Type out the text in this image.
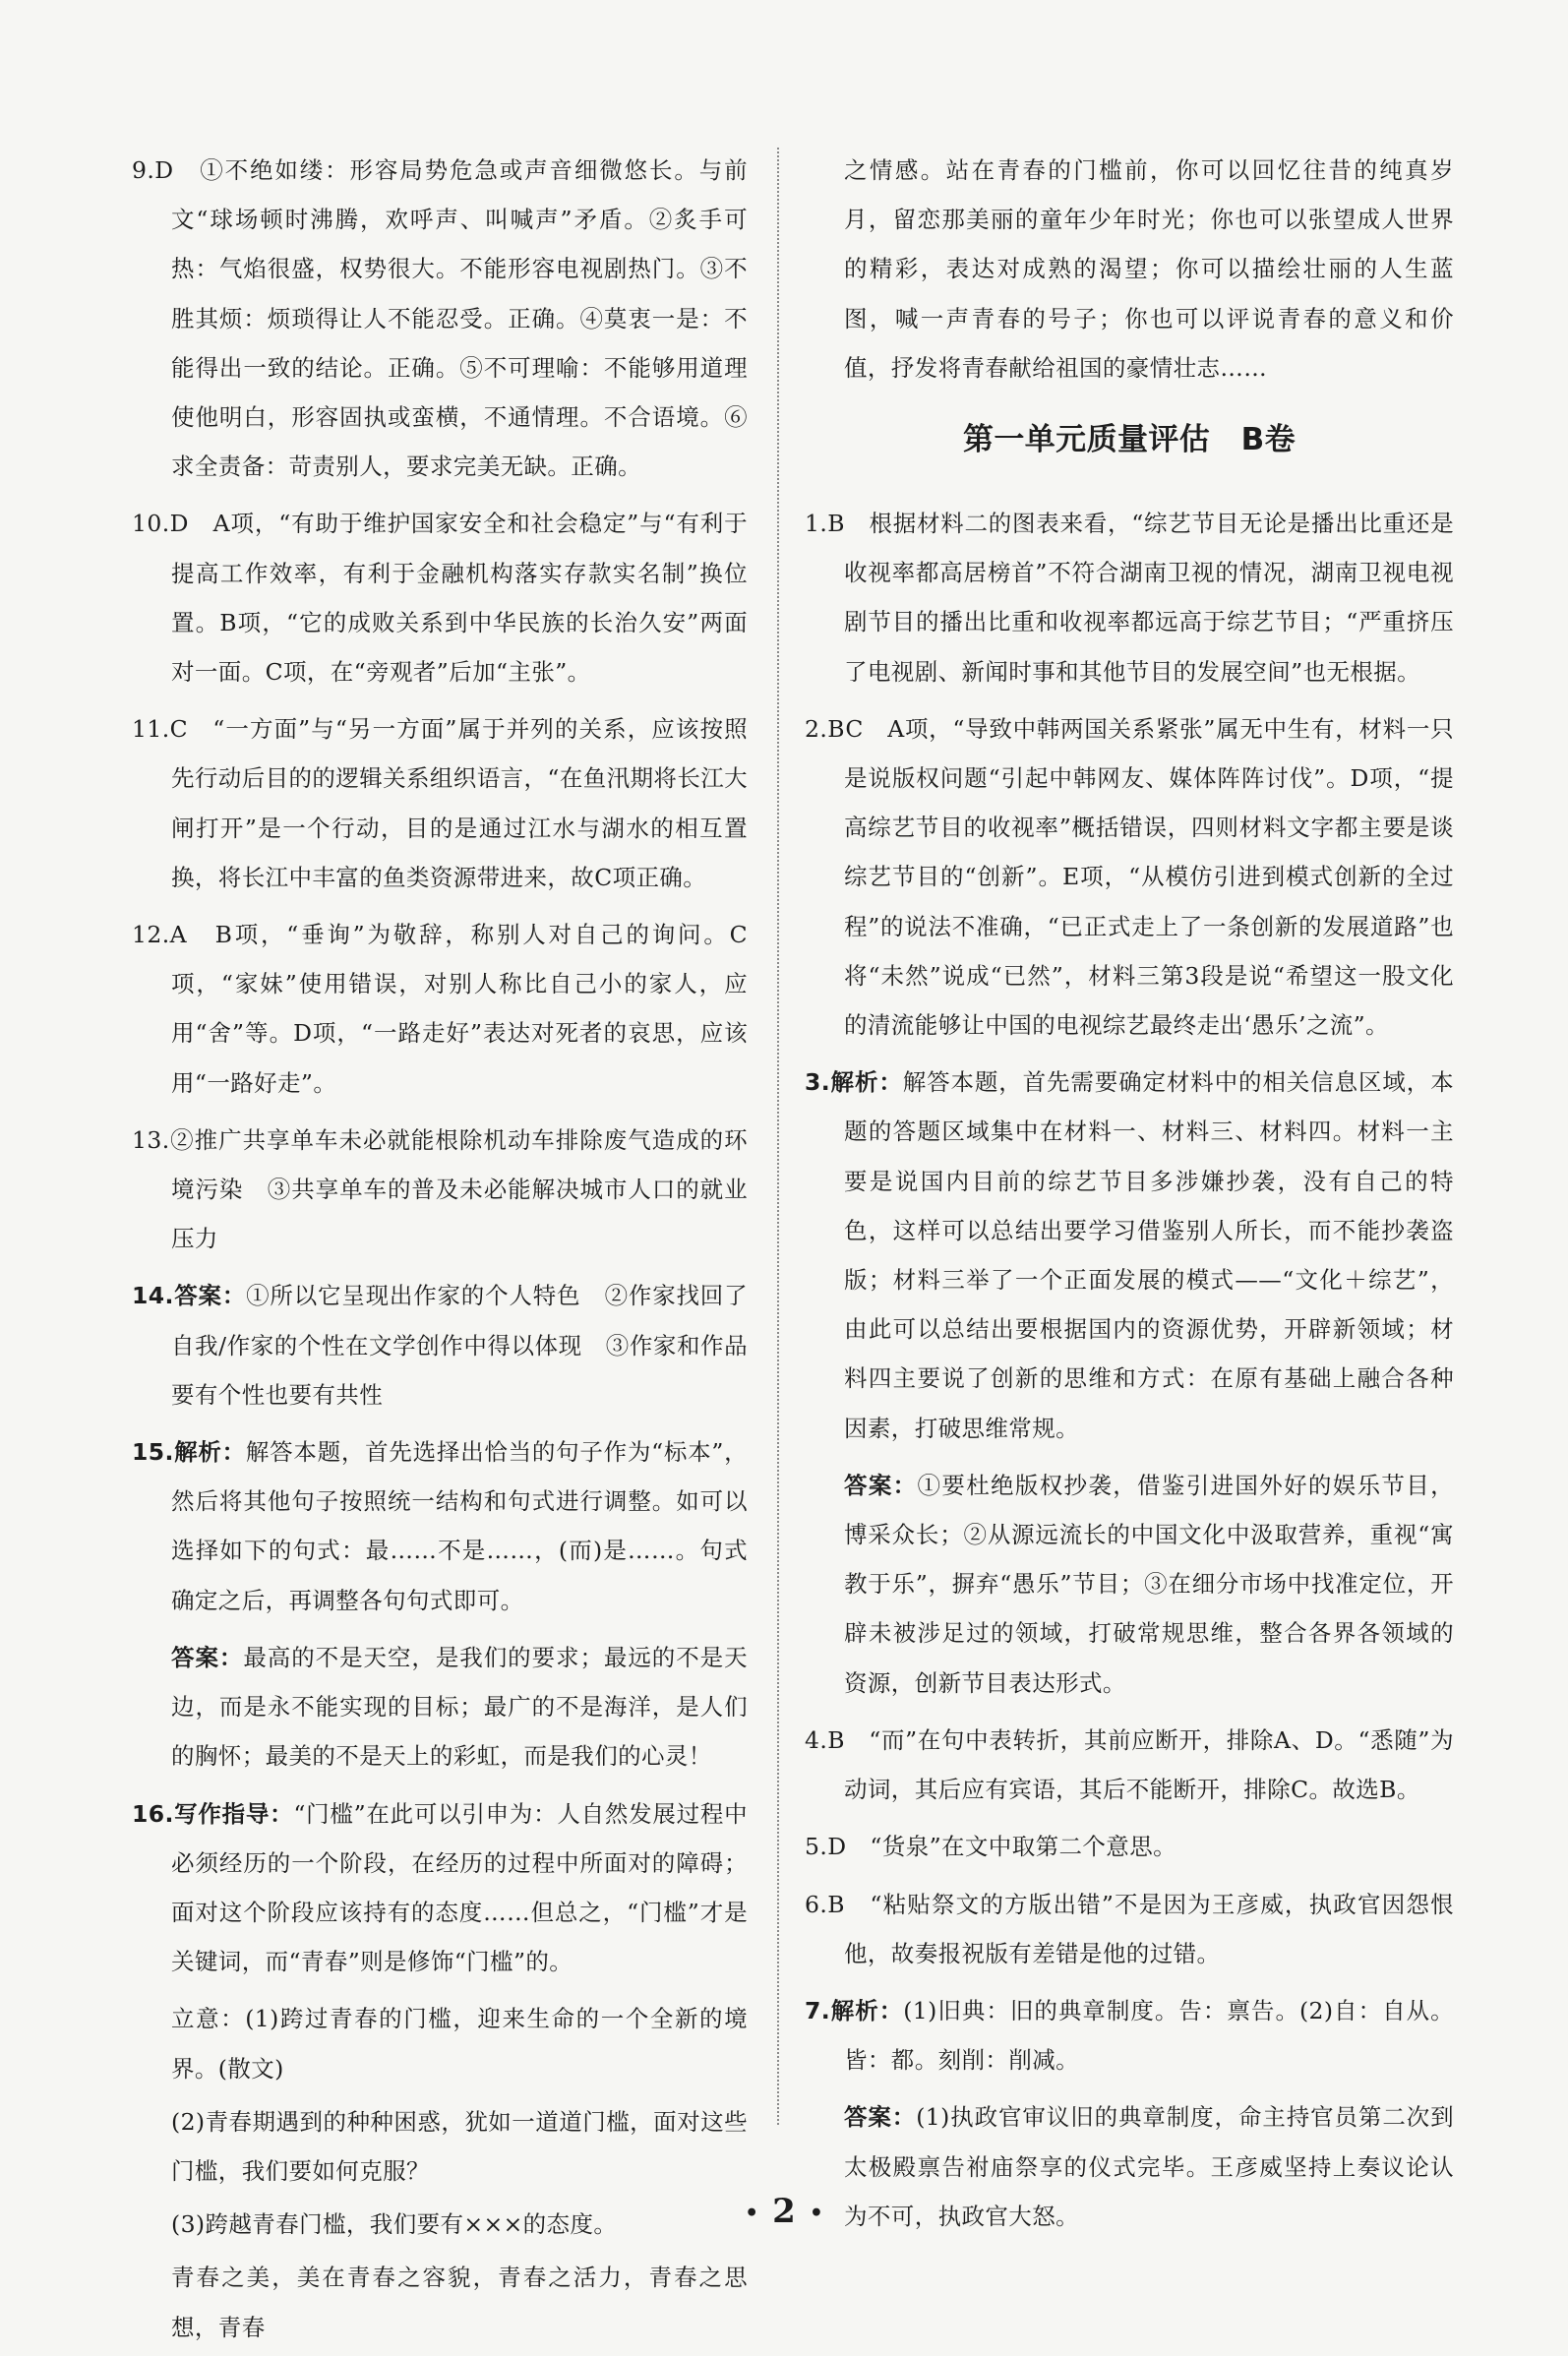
9.D　①不绝如缕：形容局势危急或声音细微悠长。与前文“球场顿时沸腾，欢呼声、叫喊声”矛盾。②炙手可热：气焰很盛，权势很大。不能形容电视剧热门。③不胜其烦：烦琐得让人不能忍受。正确。④莫衷一是：不能得出一致的结论。正确。⑤不可理喻：不能够用道理使他明白，形容固执或蛮横，不通情理。不合语境。⑥求全责备：苛责别人，要求完美无缺。正确。
10.D　A项，“有助于维护国家安全和社会稳定”与“有利于提高工作效率，有利于金融机构落实存款实名制”换位置。B项，“它的成败关系到中华民族的长治久安”两面对一面。C项，在“旁观者”后加“主张”。
11.C　“一方面”与“另一方面”属于并列的关系，应该按照先行动后目的的逻辑关系组织语言，“在鱼汛期将长江大闸打开”是一个行动，目的是通过江水与湖水的相互置换，将长江中丰富的鱼类资源带进来，故C项正确。
12.A　B项，“垂询”为敬辞，称别人对自己的询问。C项，“家妹”使用错误，对别人称比自己小的家人，应用“舍”等。D项，“一路走好”表达对死者的哀思，应该用“一路好走”。
13.②推广共享单车未必就能根除机动车排除废气造成的环境污染　③共享单车的普及未必能解决城市人口的就业压力
14.答案：①所以它呈现出作家的个人特色　②作家找回了自我/作家的个性在文学创作中得以体现　③作家和作品要有个性也要有共性
15.解析：解答本题，首先选择出恰当的句子作为“标本”，然后将其他句子按照统一结构和句式进行调整。如可以选择如下的句式：最……不是……，(而)是……。句式确定之后，再调整各句句式即可。
答案：最高的不是天空，是我们的要求；最远的不是天边，而是永不能实现的目标；最广的不是海洋，是人们的胸怀；最美的不是天上的彩虹，而是我们的心灵！
16.写作指导：“门槛”在此可以引申为：人自然发展过程中必须经历的一个阶段，在经历的过程中所面对的障碍；面对这个阶段应该持有的态度……但总之，“门槛”才是关键词，而“青春”则是修饰“门槛”的。
立意：(1)跨过青春的门槛，迎来生命的一个全新的境界。(散文)
(2)青春期遇到的种种困惑，犹如一道道门槛，面对这些门槛，我们要如何克服？
(3)跨越青春门槛，我们要有×××的态度。
青春之美，美在青春之容貌，青春之活力，青春之思想，青春
之情感。站在青春的门槛前，你可以回忆往昔的纯真岁月，留恋那美丽的童年少年时光；你也可以张望成人世界的精彩，表达对成熟的渴望；你可以描绘壮丽的人生蓝图，喊一声青春的号子；你也可以评说青春的意义和价值，抒发将青春献给祖国的豪情壮志……
第一单元质量评估　B卷
1.B　根据材料二的图表来看，“综艺节目无论是播出比重还是收视率都高居榜首”不符合湖南卫视的情况，湖南卫视电视剧节目的播出比重和收视率都远高于综艺节目；“严重挤压了电视剧、新闻时事和其他节目的发展空间”也无根据。
2.BC　A项，“导致中韩两国关系紧张”属无中生有，材料一只是说版权问题“引起中韩网友、媒体阵阵讨伐”。D项，“提高综艺节目的收视率”概括错误，四则材料文字都主要是谈综艺节目的“创新”。E项，“从模仿引进到模式创新的全过程”的说法不准确，“已正式走上了一条创新的发展道路”也将“未然”说成“已然”，材料三第3段是说“希望这一股文化的清流能够让中国的电视综艺最终走出‘愚乐’之流”。
3.解析：解答本题，首先需要确定材料中的相关信息区域，本题的答题区域集中在材料一、材料三、材料四。材料一主要是说国内目前的综艺节目多涉嫌抄袭，没有自己的特色，这样可以总结出要学习借鉴别人所长，而不能抄袭盗版；材料三举了一个正面发展的模式——“文化＋综艺”，由此可以总结出要根据国内的资源优势，开辟新领域；材料四主要说了创新的思维和方式：在原有基础上融合各种因素，打破思维常规。
答案：①要杜绝版权抄袭，借鉴引进国外好的娱乐节目，博采众长；②从源远流长的中国文化中汲取营养，重视“寓教于乐”，摒弃“愚乐”节目；③在细分市场中找准定位，开辟未被涉足过的领域，打破常规思维，整合各界各领域的资源，创新节目表达形式。
4.B　“而”在句中表转折，其前应断开，排除A、D。“悉随”为动词，其后应有宾语，其后不能断开，排除C。故选B。
5.D　“货泉”在文中取第二个意思。
6.B　“粘贴祭文的方版出错”不是因为王彦威，执政官因怨恨他，故奏报祝版有差错是他的过错。
7.解析：(1)旧典：旧的典章制度。告：禀告。(2)自：自从。皆：都。刻削：削减。
答案：(1)执政官审议旧的典章制度，命主持官员第二次到太极殿禀告祔庙祭享的仪式完毕。王彦威坚持上奏议论认为不可，执政官大怒。
• 2 •
